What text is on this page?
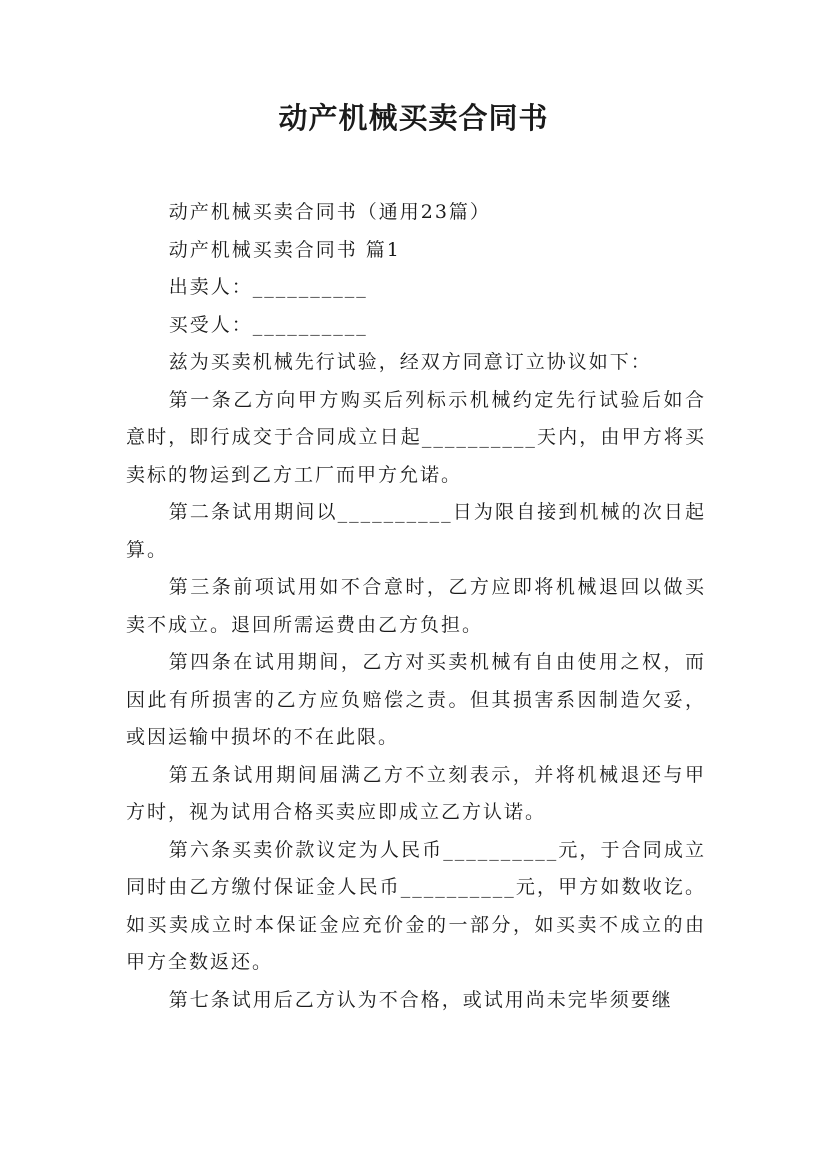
动产机械买卖合同书

动产机械买卖合同书（通用23篇）

动产机械买卖合同书 篇1

出卖人：__________

买受人：__________

兹为买卖机械先行试验，经双方同意订立协议如下：

第一条乙方向甲方购买后列标示机械约定先行试验后如合意时，即行成交于合同成立日起__________天内，由甲方将买卖标的物运到乙方工厂而甲方允诺。

第二条试用期间以__________日为限自接到机械的次日起算。

第三条前项试用如不合意时，乙方应即将机械退回以做买卖不成立。退回所需运费由乙方负担。

第四条在试用期间，乙方对买卖机械有自由使用之权，而因此有所损害的乙方应负赔偿之责。但其损害系因制造欠妥，或因运输中损坏的不在此限。

第五条试用期间届满乙方不立刻表示，并将机械退还与甲方时，视为试用合格买卖应即成立乙方认诺。

第六条买卖价款议定为人民币__________元，于合同成立同时由乙方缴付保证金人民币__________元，甲方如数收讫。如买卖成立时本保证金应充价金的一部分，如买卖不成立的由甲方全数返还。

第七条试用后乙方认为不合格，或试用尚未完毕须要继
